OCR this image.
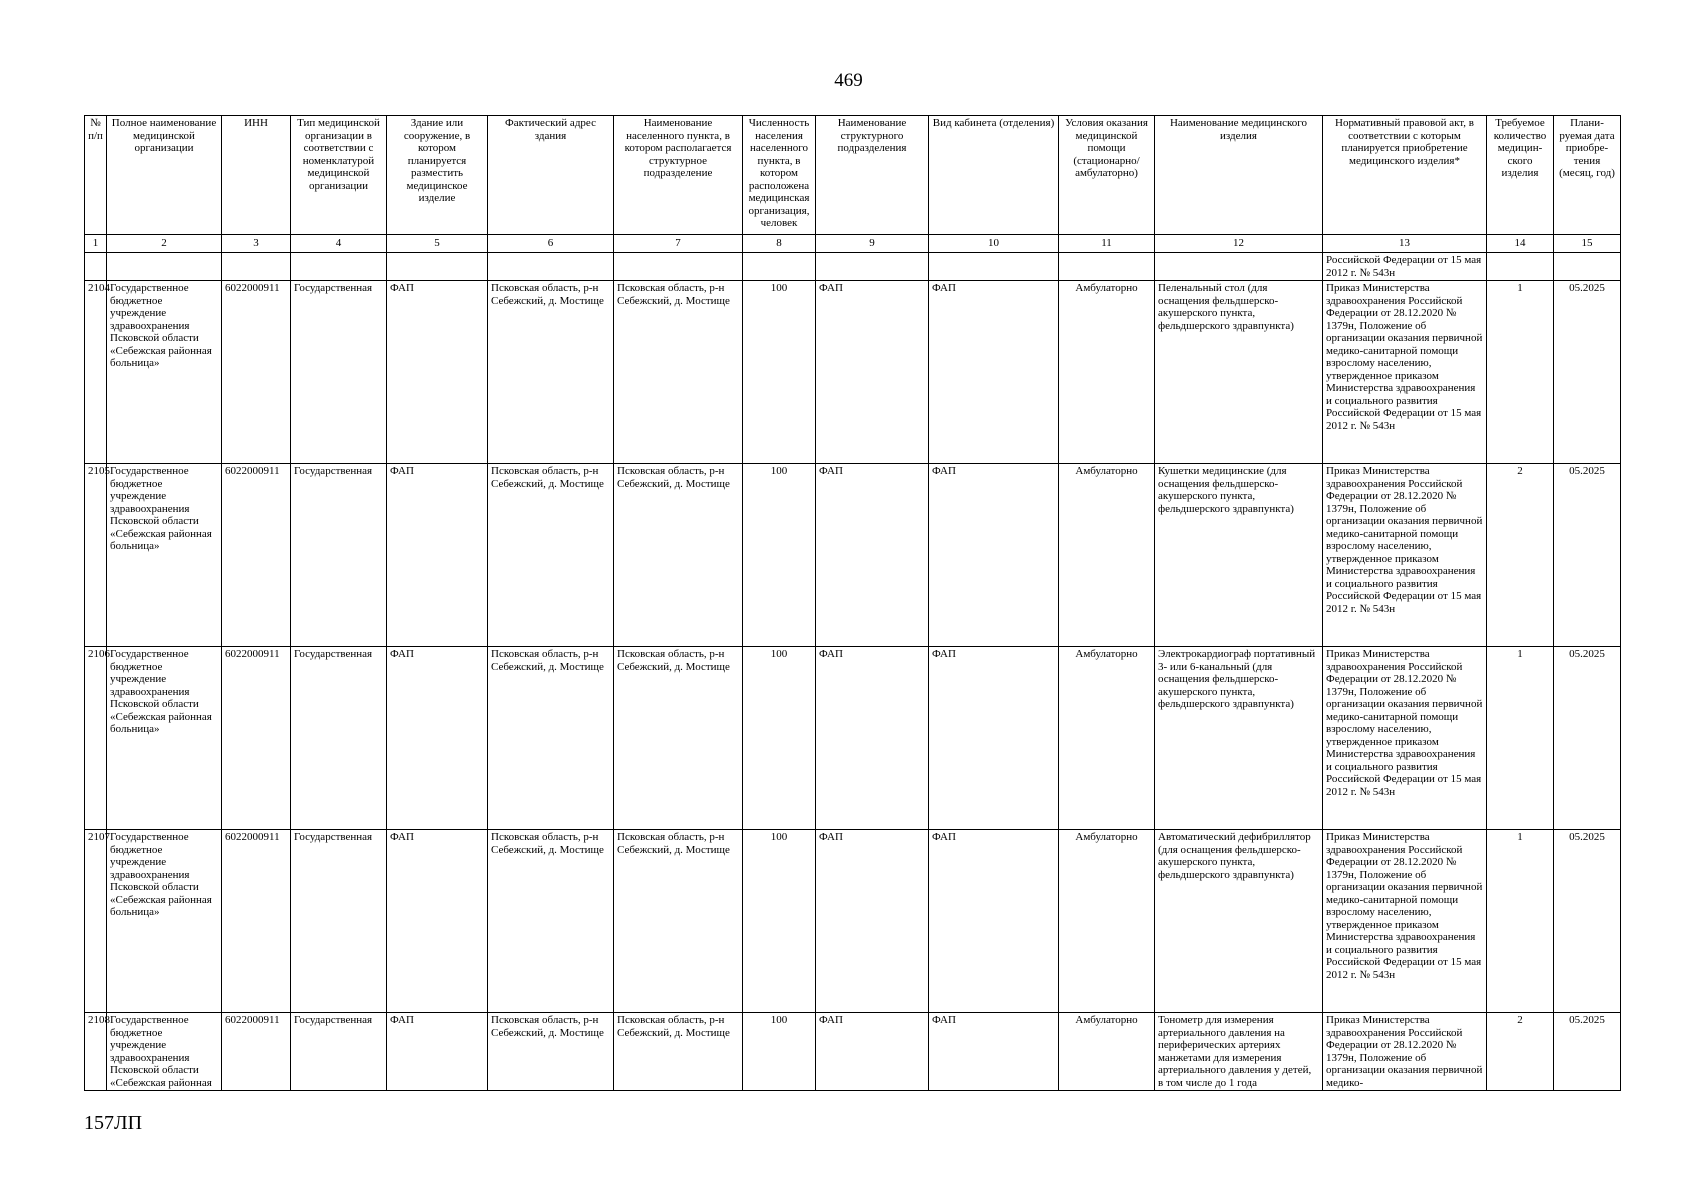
469
№ п/п	Полное наименование медицинской организации	ИНН	Тип медицинской организации в соответствии с номенклатурой медицинской организации	Здание или сооружение, в котором планируется разместить медицинское изделие	Фактический адрес здания	Наименование населенного пункта, в котором располагается структурное подразделение	Численность населения населенного пункта, в котором расположена медицинская организация, человек	Наименование структурного подразделения	Вид кабинета (отделения)	Условия оказания медицинской помощи (стационарно/ амбулаторно)	Наименование медицинского изделия	Нормативный правовой акт, в соответствии с которым планируется приобретение медицинского изделия*	Требуемое количество медицин-ского изделия	Плани-руемая дата приобре-тения (месяц, год)
1	2	3	4	5	6	7	8	9	10	11	12	13	14	15
												Российской Федерации от 15 мая 2012 г. № 543н		
2104	Государственное бюджетное учреждение здравоохранения Псковской области «Себежская районная больница»	6022000911	Государственная	ФАП	Псковская область, р-н Себежский, д. Мостище	Псковская область, р-н Себежский, д. Мостище	100	ФАП	ФАП	Амбулаторно	Пеленальный стол (для оснащения фельдшерско-акушерского пункта, фельдшерского здравпункта)	Приказ Министерства здравоохранения Российской Федерации от 28.12.2020 № 1379н, Положение об организации оказания первичной медико-санитарной помощи взрослому населению, утвержденное приказом Министерства здравоохранения и социального развития Российской Федерации от 15 мая 2012 г. № 543н	1	05.2025
2105	Государственное бюджетное учреждение здравоохранения Псковской области «Себежская районная больница»	6022000911	Государственная	ФАП	Псковская область, р-н Себежский, д. Мостище	Псковская область, р-н Себежский, д. Мостище	100	ФАП	ФАП	Амбулаторно	Кушетки медицинские (для оснащения фельдшерско-акушерского пункта, фельдшерского здравпункта)	Приказ Министерства здравоохранения Российской Федерации от 28.12.2020 № 1379н, Положение об организации оказания первичной медико-санитарной помощи взрослому населению, утвержденное приказом Министерства здравоохранения и социального развития Российской Федерации от 15 мая 2012 г. № 543н	2	05.2025
2106	Государственное бюджетное учреждение здравоохранения Псковской области «Себежская районная больница»	6022000911	Государственная	ФАП	Псковская область, р-н Себежский, д. Мостище	Псковская область, р-н Себежский, д. Мостище	100	ФАП	ФАП	Амбулаторно	Электрокардиограф портативный 3- или 6-канальный (для оснащения фельдшерско-акушерского пункта, фельдшерского здравпункта)	Приказ Министерства здравоохранения Российской Федерации от 28.12.2020 № 1379н, Положение об организации оказания первичной медико-санитарной помощи взрослому населению, утвержденное приказом Министерства здравоохранения и социального развития Российской Федерации от 15 мая 2012 г. № 543н	1	05.2025
2107	Государственное бюджетное учреждение здравоохранения Псковской области «Себежская районная больница»	6022000911	Государственная	ФАП	Псковская область, р-н Себежский, д. Мостище	Псковская область, р-н Себежский, д. Мостище	100	ФАП	ФАП	Амбулаторно	Автоматический дефибриллятор (для оснащения фельдшерско-акушерского пункта, фельдшерского здравпункта)	Приказ Министерства здравоохранения Российской Федерации от 28.12.2020 № 1379н, Положение об организации оказания первичной медико-санитарной помощи взрослому населению, утвержденное приказом Министерства здравоохранения и социального развития Российской Федерации от 15 мая 2012 г. № 543н	1	05.2025
2108	Государственное бюджетное учреждение здравоохранения Псковской области «Себежская районная	6022000911	Государственная	ФАП	Псковская область, р-н Себежский, д. Мостище	Псковская область, р-н Себежский, д. Мостище	100	ФАП	ФАП	Амбулаторно	Тонометр для измерения артериального давления на периферических артериях манжетами для измерения артериального давления у детей, в том числе до 1 года	Приказ Министерства здравоохранения Российской Федерации от 28.12.2020 № 1379н, Положение об организации оказания первичной медико-	2	05.2025
157ЛП
